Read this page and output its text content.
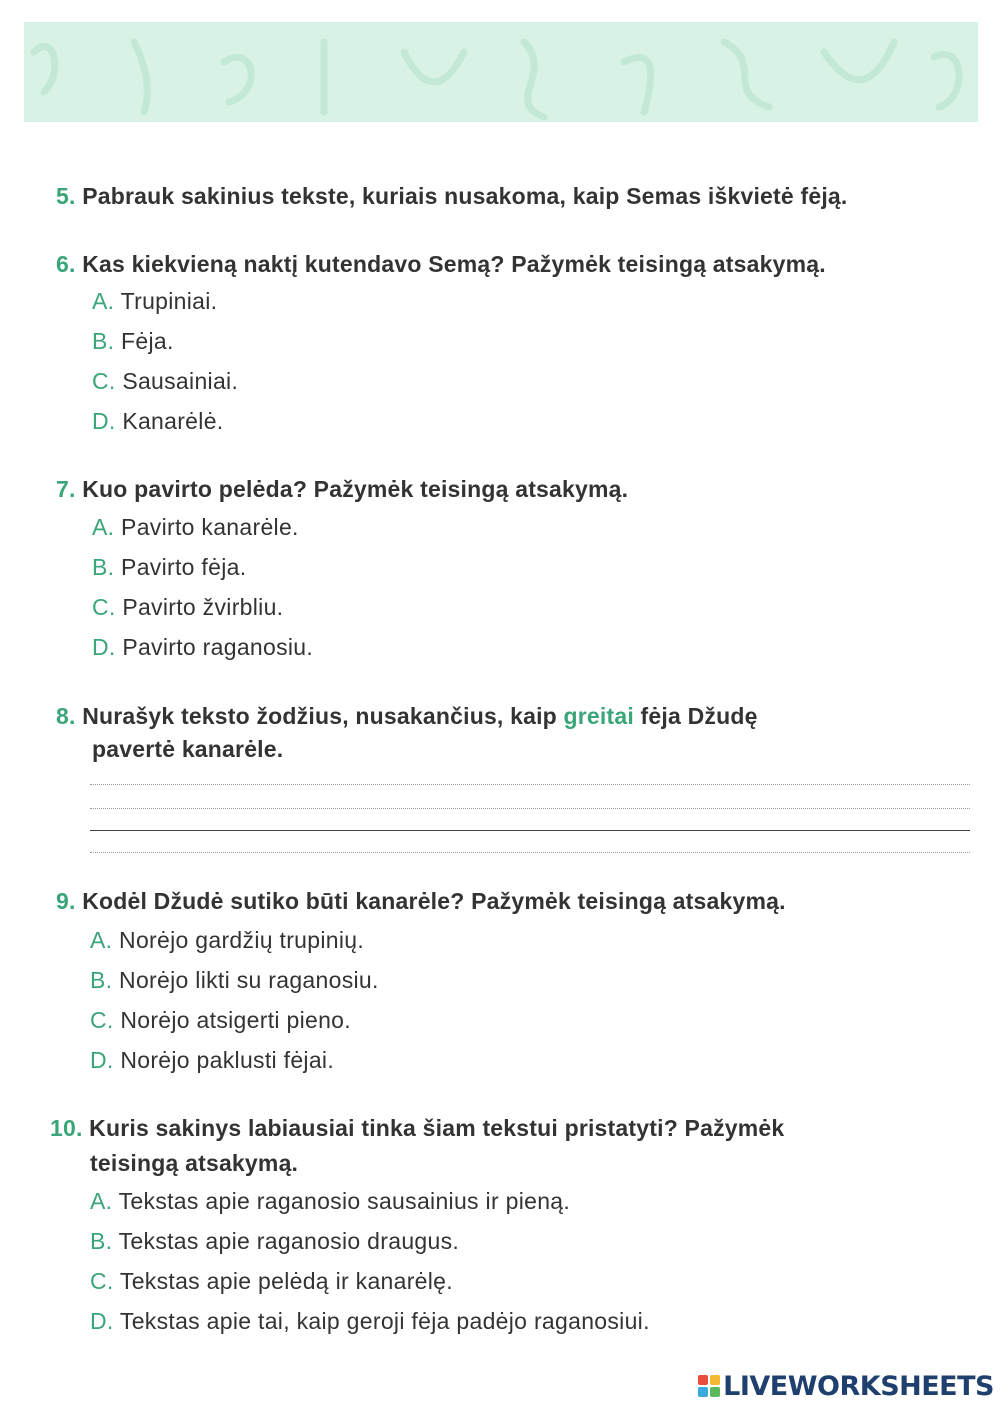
5. Pabrauk sakinius tekste, kuriais nusakoma, kaip Semas iškvietė fėją.
6. Kas kiekvieną naktį kutendavo Semą? Pažymėk teisingą atsakymą.
A. Trupiniai.
B. Fėja.
C. Sausainiai.
D. Kanarėlė.
7. Kuo pavirto pelėda? Pažymėk teisingą atsakymą.
A. Pavirto kanarėle.
B. Pavirto fėja.
C. Pavirto žvirbliu.
D. Pavirto raganosiu.
8. Nurašyk teksto žodžius, nusakančius, kaip greitai fėja Džudę
pavertė kanarėle.
9. Kodėl Džudė sutiko būti kanarėle? Pažymėk teisingą atsakymą.
A. Norėjo gardžių trupinių.
B. Norėjo likti su raganosiu.
C. Norėjo atsigerti pieno.
D. Norėjo paklusti fėjai.
10. Kuris sakinys labiausiai tinka šiam tekstui pristatyti? Pažymėk
teisingą atsakymą.
A. Tekstas apie raganosio sausainius ir pieną.
B. Tekstas apie raganosio draugus.
C. Tekstas apie pelėdą ir kanarėlę.
D. Tekstas apie tai, kaip geroji fėja padėjo raganosiui.
LIVEWORKSHEETS
